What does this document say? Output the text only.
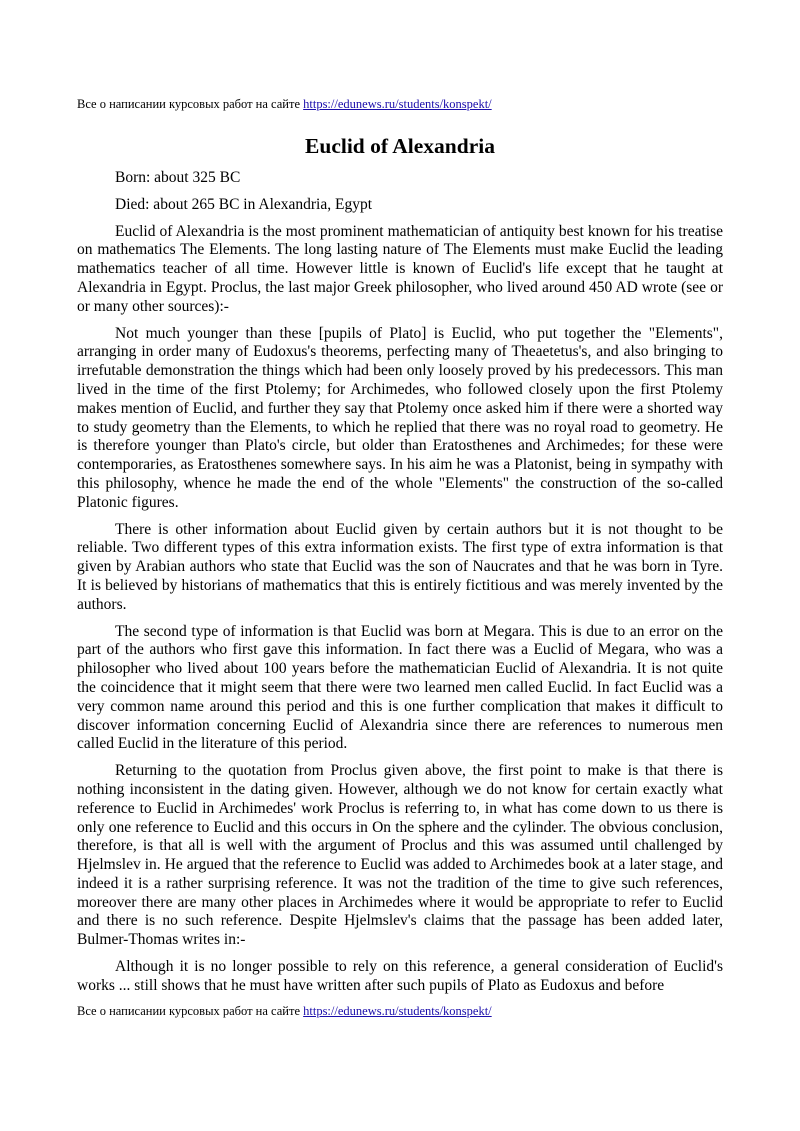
Все о написании курсовых работ на сайте https://edunews.ru/students/konspekt/
Euclid of Alexandria

Born: about 325 BC

Died: about 265 BC in Alexandria, Egypt

Euclid of Alexandria is the most prominent mathematician of antiquity best known for his treatise on mathematics The Elements. The long lasting nature of The Elements must make Euclid the leading mathematics teacher of all time. However little is known of Euclid's life except that he taught at Alexandria in Egypt. Proclus, the last major Greek philosopher, who lived around 450 AD wrote (see or or many other sources):-

Not much younger than these [pupils of Plato] is Euclid, who put together the "Elements", arranging in order many of Eudoxus's theorems, perfecting many of Theaetetus's, and also bringing to irrefutable demonstration the things which had been only loosely proved by his predecessors. This man lived in the time of the first Ptolemy; for Archimedes, who followed closely upon the first Ptolemy makes mention of Euclid, and further they say that Ptolemy once asked him if there were a shorted way to study geometry than the Elements, to which he replied that there was no royal road to geometry. He is therefore younger than Plato's circle, but older than Eratosthenes and Archimedes; for these were contemporaries, as Eratosthenes somewhere says. In his aim he was a Platonist, being in sympathy with this philosophy, whence he made the end of the whole "Elements" the construction of the so-called Platonic figures.

There is other information about Euclid given by certain authors but it is not thought to be reliable. Two different types of this extra information exists. The first type of extra information is that given by Arabian authors who state that Euclid was the son of Naucrates and that he was born in Tyre. It is believed by historians of mathematics that this is entirely fictitious and was merely invented by the authors.

The second type of information is that Euclid was born at Megara. This is due to an error on the part of the authors who first gave this information. In fact there was a Euclid of Megara, who was a philosopher who lived about 100 years before the mathematician Euclid of Alexandria. It is not quite the coincidence that it might seem that there were two learned men called Euclid. In fact Euclid was a very common name around this period and this is one further complication that makes it difficult to discover information concerning Euclid of Alexandria since there are references to numerous men called Euclid in the literature of this period.

Returning to the quotation from Proclus given above, the first point to make is that there is nothing inconsistent in the dating given. However, although we do not know for certain exactly what reference to Euclid in Archimedes' work Proclus is referring to, in what has come down to us there is only one reference to Euclid and this occurs in On the sphere and the cylinder. The obvious conclusion, therefore, is that all is well with the argument of Proclus and this was assumed until challenged by Hjelmslev in. He argued that the reference to Euclid was added to Archimedes book at a later stage, and indeed it is a rather surprising reference. It was not the tradition of the time to give such references, moreover there are many other places in Archimedes where it would be appropriate to refer to Euclid and there is no such reference. Despite Hjelmslev's claims that the passage has been added later, Bulmer-Thomas writes in:-

Although it is no longer possible to rely on this reference, a general consideration of Euclid's works ... still shows that he must have written after such pupils of Plato as Eudoxus and before

Все о написании курсовых работ на сайте https://edunews.ru/students/konspekt/
